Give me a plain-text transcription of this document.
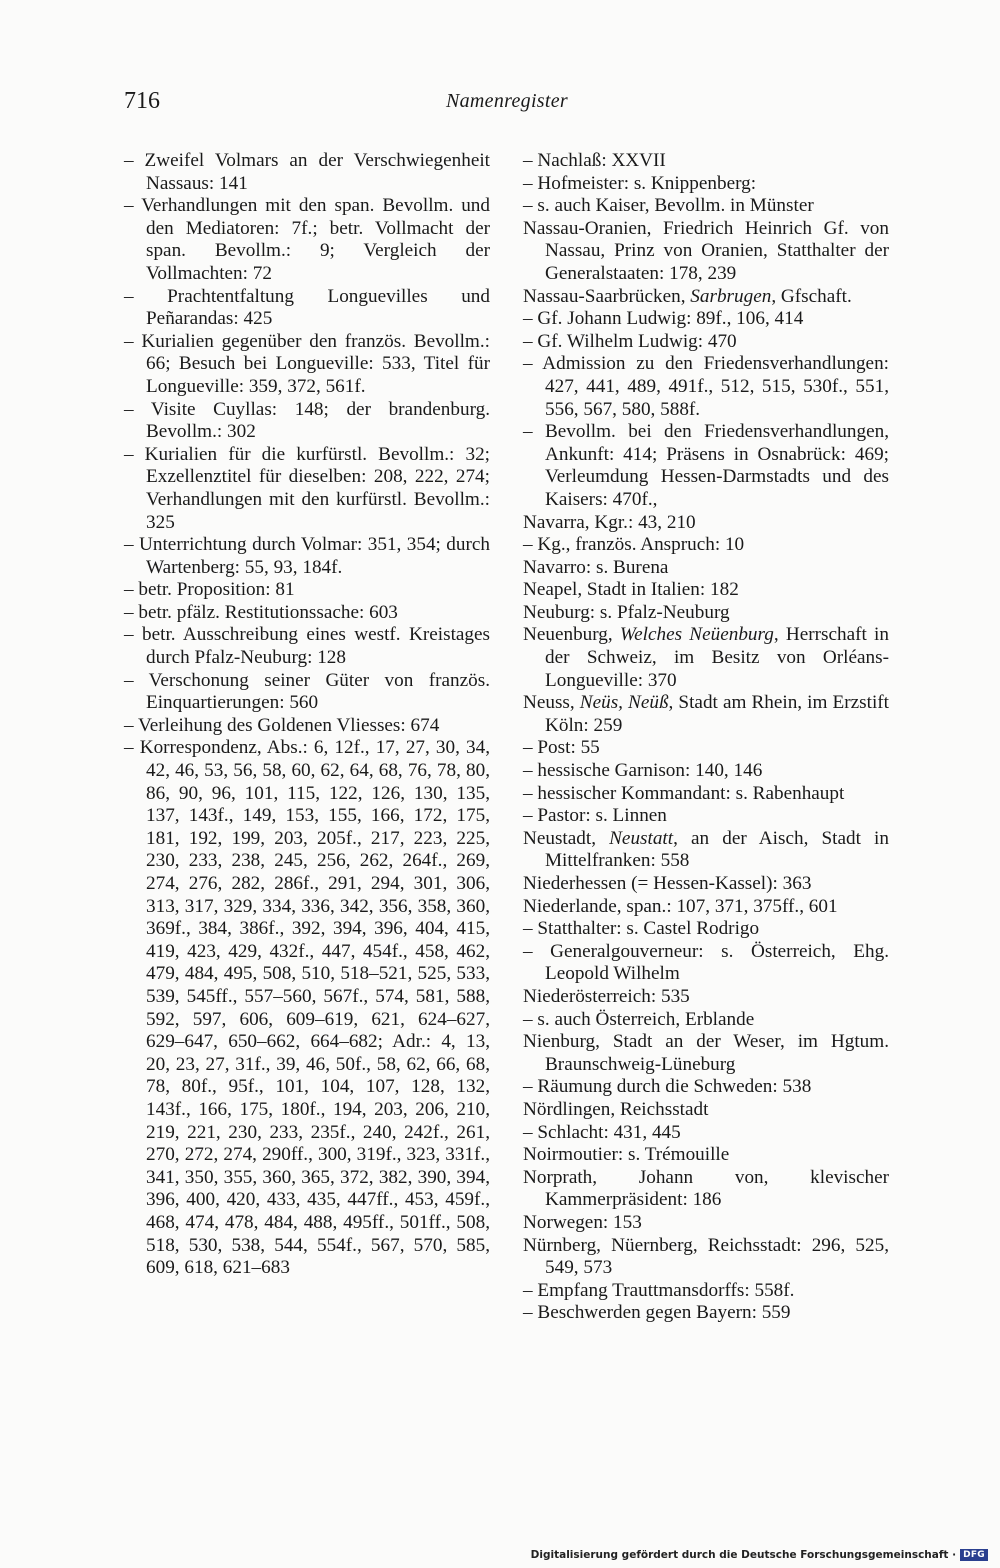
716	Namenregister

– Zweifel Volmars an der Verschwiegenheit Nassaus: 141

– Verhandlungen mit den span. Bevollm. und den Mediatoren: 7f.; betr. Vollmacht der span. Bevollm.: 9; Vergleich der Vollmachten: 72

– Prachtentfaltung Longuevilles und Peñarandas: 425

– Kurialien gegenüber den französ. Bevollm.: 66; Besuch bei Longueville: 533, Titel für Longueville: 359, 372, 561f.

– Visite Cuyllas: 148; der brandenburg. Bevollm.: 302

– Kurialien für die kurfürstl. Bevollm.: 32; Exzellenztitel für dieselben: 208, 222, 274; Verhandlungen mit den kurfürstl. Bevollm.: 325

– Unterrichtung durch Volmar: 351, 354; durch Wartenberg: 55, 93, 184f.

– betr. Proposition: 81

– betr. pfälz. Restitutionssache: 603

– betr. Ausschreibung eines westf. Kreistages durch Pfalz-Neuburg: 128

– Verschonung seiner Güter von französ. Einquartierungen: 560

– Verleihung des Goldenen Vliesses: 674

– Korrespondenz, Abs.: 6, 12f., 17, 27, 30, 34, 42, 46, 53, 56, 58, 60, 62, 64, 68, 76, 78, 80, 86, 90, 96, 101, 115, 122, 126, 130, 135, 137, 143f., 149, 153, 155, 166, 172, 175, 181, 192, 199, 203, 205f., 217, 223, 225, 230, 233, 238, 245, 256, 262, 264f., 269, 274, 276, 282, 286f., 291, 294, 301, 306, 313, 317, 329, 334, 336, 342, 356, 358, 360, 369f., 384, 386f., 392, 394, 396, 404, 415, 419, 423, 429, 432f., 447, 454f., 458, 462, 479, 484, 495, 508, 510, 518–521, 525, 533, 539, 545ff., 557–560, 567f., 574, 581, 588, 592, 597, 606, 609–619, 621, 624–627, 629–647, 650–662, 664–682; Adr.: 4, 13, 20, 23, 27, 31f., 39, 46, 50f., 58, 62, 66, 68, 78, 80f., 95f., 101, 104, 107, 128, 132, 143f., 166, 175, 180f., 194, 203, 206, 210, 219, 221, 230, 233, 235f., 240, 242f., 261, 270, 272, 274, 290ff., 300, 319f., 323, 331f., 341, 350, 355, 360, 365, 372, 382, 390, 394, 396, 400, 420, 433, 435, 447ff., 453, 459f., 468, 474, 478, 484, 488, 495ff., 501ff., 508, 518, 530, 538, 544, 554f., 567, 570, 585, 609, 618, 621–683

– Nachlaß: XXVII

– Hofmeister: s. Knippenberg:

– s. auch Kaiser, Bevollm. in Münster

Nassau-Oranien, Friedrich Heinrich Gf. von Nassau, Prinz von Oranien, Statthalter der Generalstaaten: 178, 239

Nassau-Saarbrücken, Sarbrugen, Gfschaft.

– Gf. Johann Ludwig: 89f., 106, 414

– Gf. Wilhelm Ludwig: 470

– Admission zu den Friedensverhandlungen: 427, 441, 489, 491f., 512, 515, 530f., 551, 556, 567, 580, 588f.

– Bevollm. bei den Friedensverhandlungen, Ankunft: 414; Präsens in Osnabrück: 469; Verleumdung Hessen-Darmstadts und des Kaisers: 470f.,

Navarra, Kgr.: 43, 210

– Kg., französ. Anspruch: 10

Navarro: s. Burena

Neapel, Stadt in Italien: 182

Neuburg: s. Pfalz-Neuburg

Neuenburg, Welches Neüenburg, Herrschaft in der Schweiz, im Besitz von Orléans-Longueville: 370

Neuss, Neüs, Neüß, Stadt am Rhein, im Erzstift Köln: 259

– Post: 55

– hessische Garnison: 140, 146

– hessischer Kommandant: s. Rabenhaupt

– Pastor: s. Linnen

Neustadt, Neustatt, an der Aisch, Stadt in Mittelfranken: 558

Niederhessen (= Hessen-Kassel): 363

Niederlande, span.: 107, 371, 375ff., 601

– Statthalter: s. Castel Rodrigo

– Generalgouverneur: s. Österreich, Ehg. Leopold Wilhelm

Niederösterreich: 535

– s. auch Österreich, Erblande

Nienburg, Stadt an der Weser, im Hgtum. Braunschweig-Lüneburg

– Räumung durch die Schweden: 538

Nördlingen, Reichsstadt

– Schlacht: 431, 445

Noirmoutier: s. Trémouille

Norprath, Johann von, klevischer Kammerpräsident: 186

Norwegen: 153

Nürnberg, Nüernberg, Reichsstadt: 296, 525, 549, 573

– Empfang Trauttmansdorffs: 558f.

– Beschwerden gegen Bayern: 559

Digitalisierung gefördert durch die Deutsche Forschungsgemeinschaft · DFG
